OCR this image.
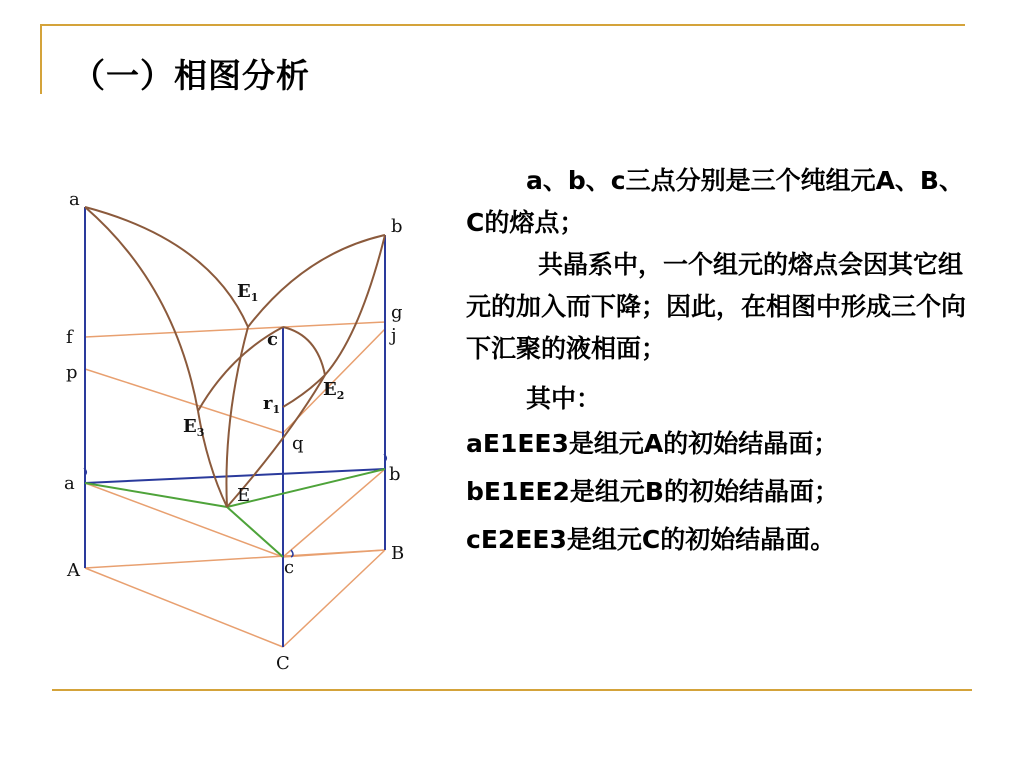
（一）相图分析
a
b
c
g
j
f
p
$E_1$
$r_1$
$E_2$
$E_3$
q
a	b
E
c
A
B
C

a、b、c三点分别是三个纯组元A、B、C的熔点；

共晶系中，一个组元的熔点会因其它组元的加入而下降；因此，在相图中形成三个向下汇聚的液相面；

其中：

aE1EE3是组元A的初始结晶面；

bE1EE2是组元B的初始结晶面；

cE2EE3是组元C的初始结晶面。
